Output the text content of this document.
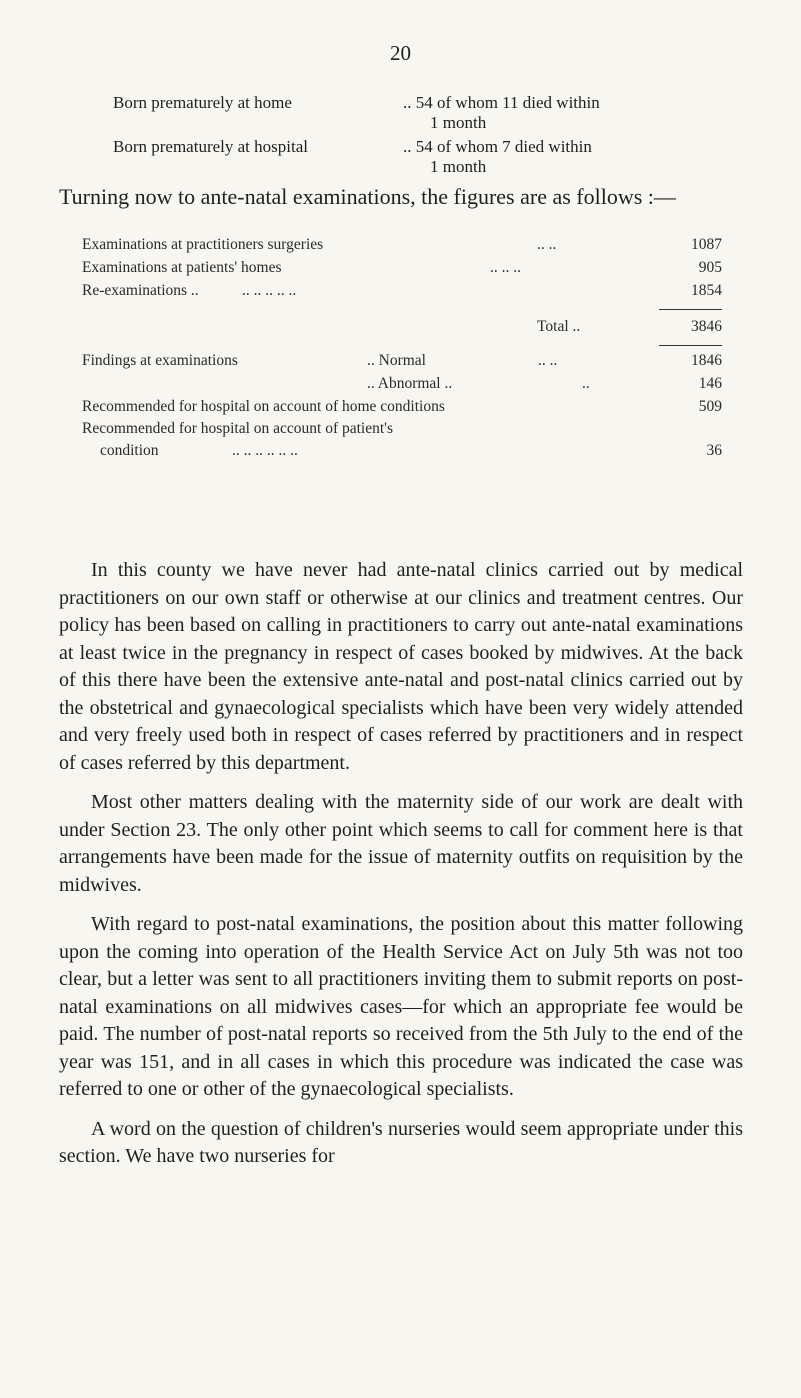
20
Born prematurely at home	.. 54 of whom 11 died within
1 month
Born prematurely at hospital	.. 54 of whom 7 died within
1 month
Turning now to ante-natal examinations, the figures are as follows :—
Examinations at practitioners surgeries	.. ..	1087
Examinations at patients' homes	.. .. ..	905
Re-examinations ..	.. .. .. .. ..	1854
Total ..	3846
Findings at examinations	.. Normal	.. ..	1846
.. Abnormal ..	..	146
Recommended for hospital on account of home conditions	509
Recommended for hospital on account of patient's
condition	.. .. .. .. .. ..	36

In this county we have never had ante-natal clinics carried out by medical practitioners on our own staff or otherwise at our clinics and treatment centres. Our policy has been based on calling in practitioners to carry out ante-natal examinations at least twice in the pregnancy in respect of cases booked by midwives. At the back of this there have been the extensive ante-natal and post-natal clinics carried out by the obstetrical and gynaecological specialists which have been very widely attended and very freely used both in respect of cases referred by practitioners and in respect of cases referred by this department.

Most other matters dealing with the maternity side of our work are dealt with under Section 23. The only other point which seems to call for comment here is that arrangements have been made for the issue of maternity outfits on requisition by the midwives.

With regard to post-natal examinations, the position about this matter following upon the coming into operation of the Health Service Act on July 5th was not too clear, but a letter was sent to all practitioners inviting them to submit reports on post-natal examinations on all midwives cases—for which an appropriate fee would be paid. The number of post-natal reports so received from the 5th July to the end of the year was 151, and in all cases in which this procedure was indicated the case was referred to one or other of the gynaecological specialists.

A word on the question of children's nurseries would seem appropriate under this section. We have two nurseries for
